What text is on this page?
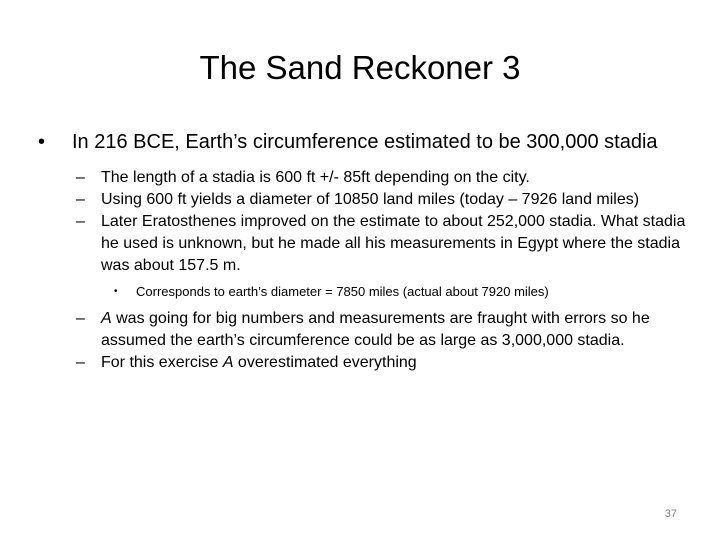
The Sand Reckoner 3
• In 216 BCE, Earth’s circumference estimated to be 300,000 stadia
– The length of a stadia is 600 ft +/- 85ft depending on the city.
– Using 600 ft yields a diameter of 10850 land miles (today – 7926 land miles)
– Later Eratosthenes improved on the estimate to about 252,000 stadia. What stadia he used is unknown, but he made all his measurements in Egypt where the stadia was about 157.5 m.
• Corresponds to earth’s diameter = 7850 miles (actual about 7920 miles)
– A was going for big numbers and measurements are fraught with errors so he assumed the earth’s circumference could be as large as 3,000,000 stadia.
– For this exercise A overestimated everything
37
